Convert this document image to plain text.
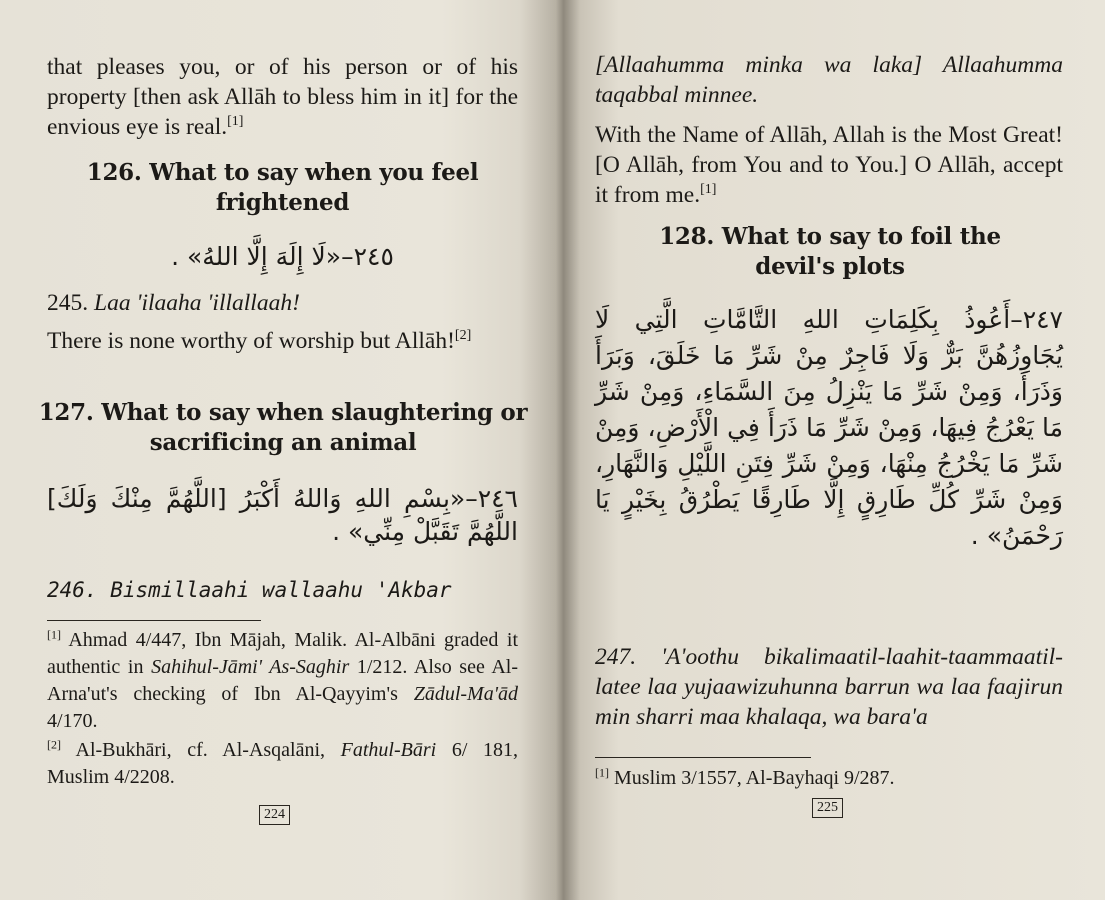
that pleases you, or of his person or of his property [then ask Allāh to bless him in it] for the envious eye is real.[1]

126. What to say when you feel frightened

٢٤٥–«لَا إِلَهَ إِلَّا اللهُ» .

245. Laa 'ilaaha 'illallaah!

There is none worthy of worship but Allāh![2]

127. What to say when slaughtering or sacrificing an animal

٢٤٦–«بِسْمِ اللهِ وَاللهُ أَكْبَرُ [اللَّهُمَّ مِنْكَ وَلَكَ] اللَّهُمَّ تَقَبَّلْ مِنِّي» .

246. Bismillaahi wallaahu 'Akbar

[1] Ahmad 4/447, Ibn Mājah, Malik. Al-Albāni graded it authentic in Sahihul-Jāmi' As-Saghir 1/212. Also see Al-Arna'ut's checking of Ibn Al-Qayyim's Zādul-Ma'ād 4/170.

[2] Al-Bukhāri, cf. Al-Asqalāni, Fathul-Bāri 6/ 181, Muslim 4/2208.

224

[Allaahumma minka wa laka] Allaahumma taqabbal minnee.

With the Name of Allāh, Allah is the Most Great! [O Allāh, from You and to You.] O Allāh, accept it from me.[1]

128. What to say to foil the devil's plots

٢٤٧–أَعُوذُ بِكَلِمَاتِ اللهِ التَّامَّاتِ الَّتِي لَا يُجَاوِزُهُنَّ بَرٌّ وَلَا فَاجِرٌ مِنْ شَرِّ مَا خَلَقَ، وَبَرَأَ وَذَرَأَ، وَمِنْ شَرِّ مَا يَنْزِلُ مِنَ السَّمَاءِ، وَمِنْ شَرِّ مَا يَعْرُجُ فِيهَا، وَمِنْ شَرِّ مَا ذَرَأَ فِي الْأَرْضِ، وَمِنْ شَرِّ مَا يَخْرُجُ مِنْهَا، وَمِنْ شَرِّ فِتَنِ اللَّيْلِ وَالنَّهَارِ، وَمِنْ شَرِّ كُلِّ طَارِقٍ إِلَّا طَارِقًا يَطْرُقُ بِخَيْرٍ يَا رَحْمَنُ» .

247. 'A'oothu bikalimaatil-laahit-taammaatil-latee laa yujaawizuhunna barrun wa laa faajirun min sharri maa khalaqa, wa bara'a

[1] Muslim 3/1557, Al-Bayhaqi 9/287.

225
